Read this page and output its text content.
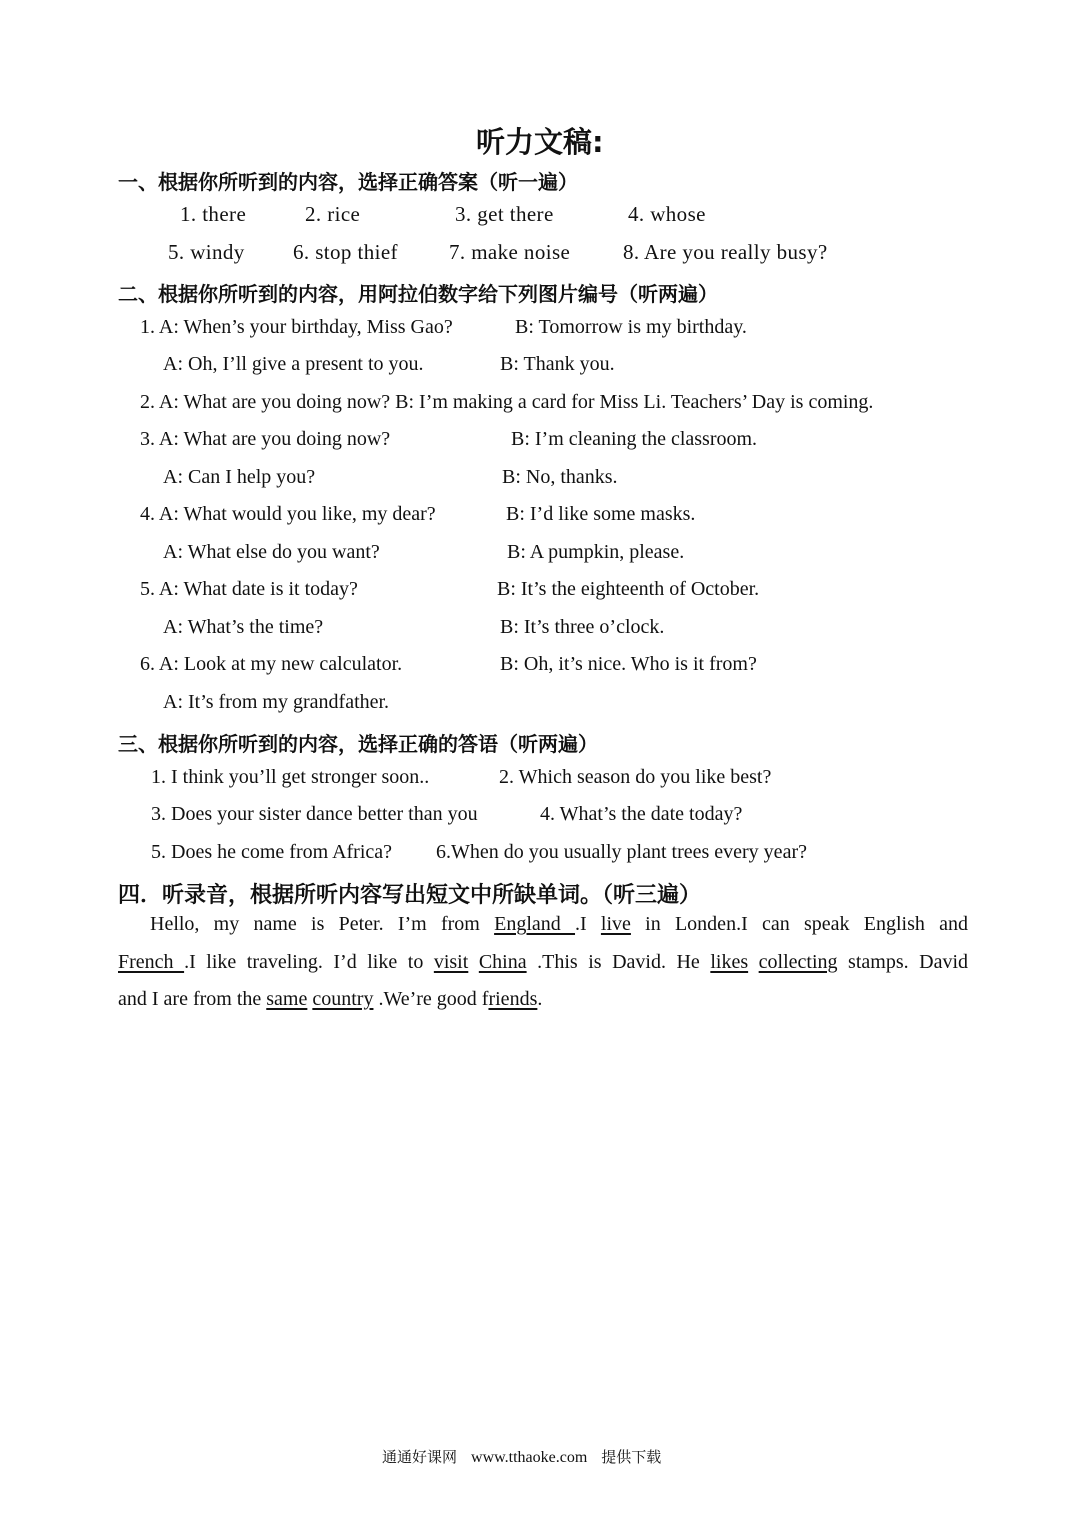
听力文稿:
一、根据你所听到的内容，选择正确答案（听一遍）
1. there	2. rice	3. get there	4. whose
5. windy 6. stop thief 7. make noise	8. Are you really busy?
二、根据你所听到的内容，用阿拉伯数字给下列图片编号（听两遍）
1. A: When’s your birthday, Miss Gao?	B: Tomorrow is my birthday.
A: Oh, I’ll give a present to you.	B: Thank you.
2. A: What are you doing now? B: I’m making a card for Miss Li. Teachers’ Day is coming.
3. A: What are you doing now?	B: I’m cleaning the classroom.
A: Can I help you?	B: No, thanks.
4. A: What would you like, my dear?	B: I’d like some masks.
A: What else do you want?	B: A pumpkin, please.
5. A: What date is it today?	B: It’s the eighteenth of October.
A: What’s the time?	B: It’s three o’clock.
6. A: Look at my new calculator.	B: Oh, it’s nice. Who is it from?
A: It’s from my grandfather.
三、根据你所听到的内容，选择正确的答语（听两遍）
1. I think you’ll get stronger soon..	2. Which season do you like best?
3. Does your sister dance better than you	4. What’s the date today?
5. Does he come from Africa? 6.When do you usually plant trees every year?
四．听录音，根据所听内容写出短文中所缺单词。（听三遍）
Hello, my name is Peter. I’m from England .I live in Londen.I can speak English and
French .I like traveling. I’d like to visit China .This is David. He likes collecting stamps. David
and I are from the same country .We’re good friends.
通通好课网 www.tthaoke.com 提供下载
